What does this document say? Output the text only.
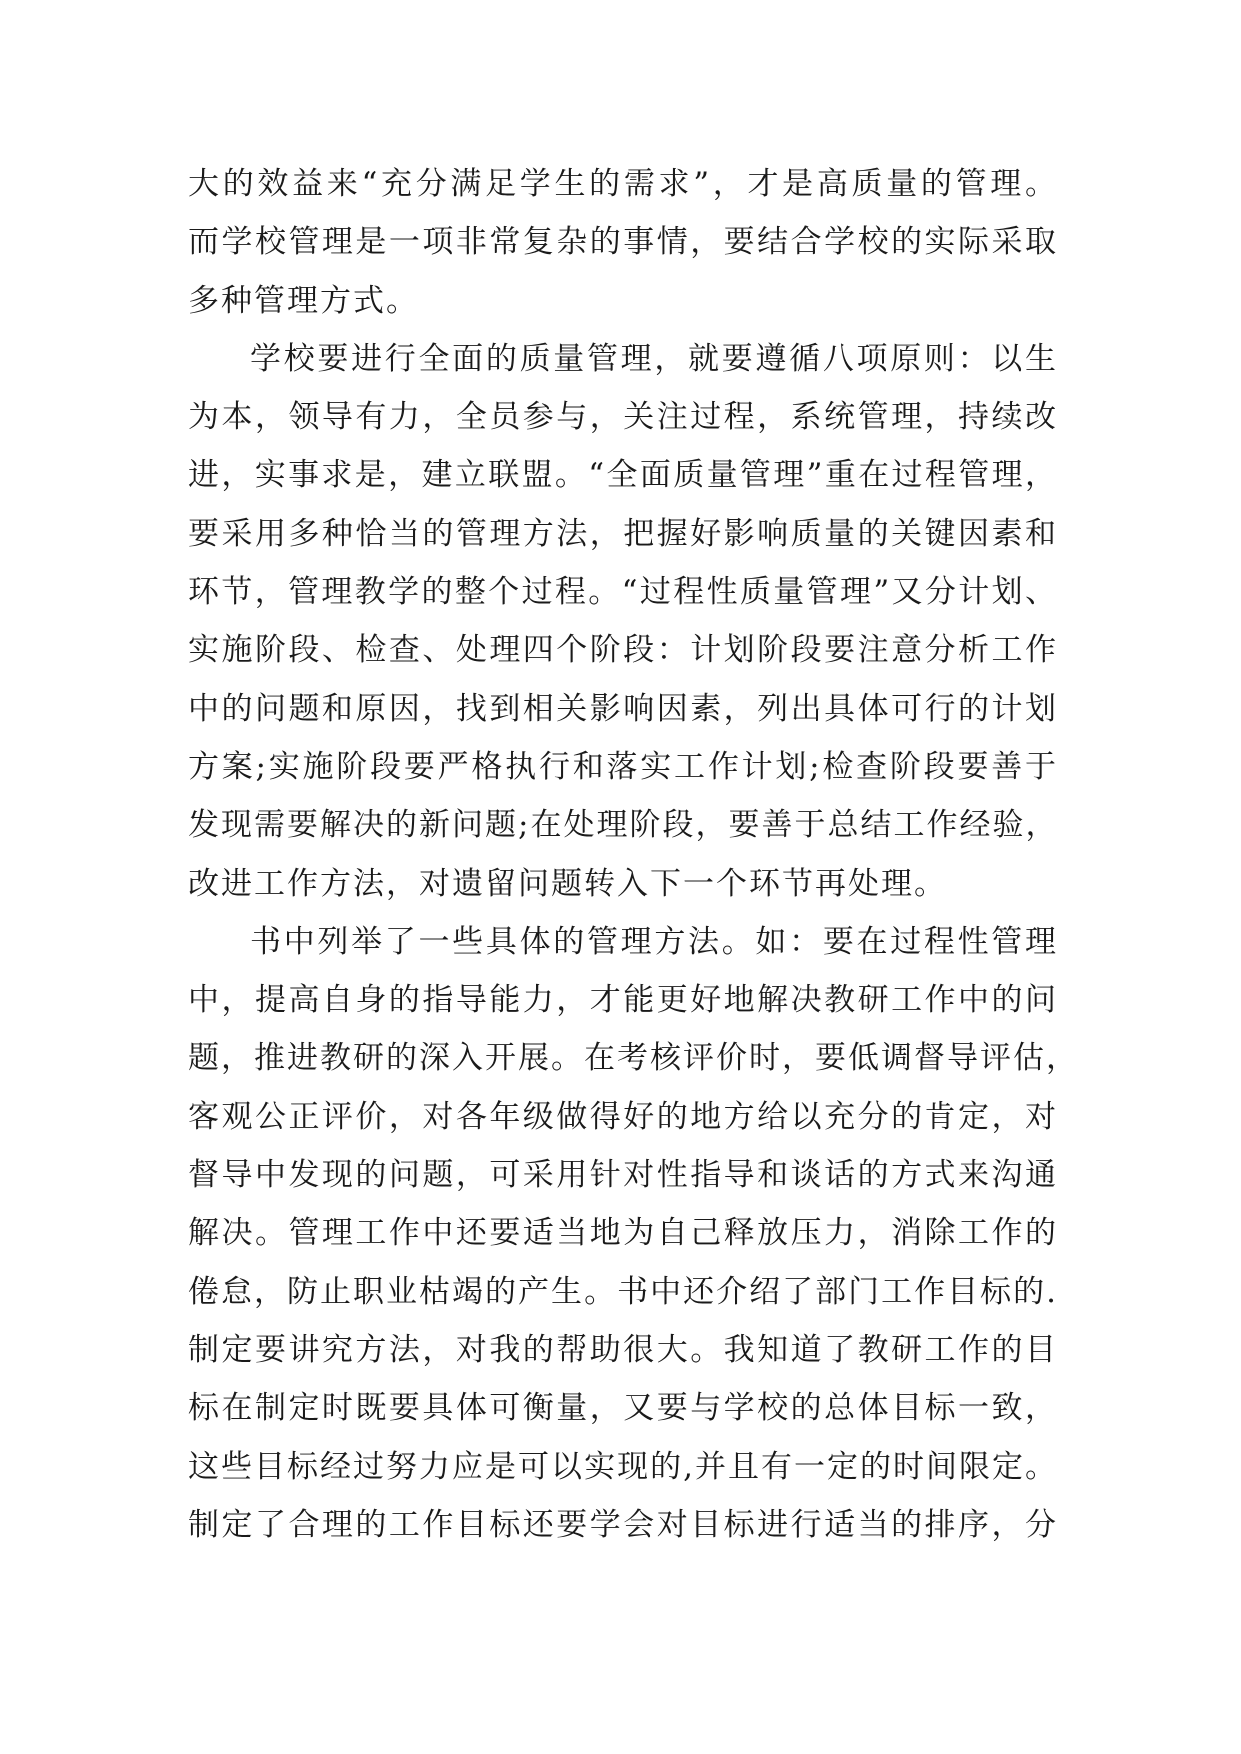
大的效益来“充分满足学生的需求”，才是高质量的管理。
而学校管理是一项非常复杂的事情，要结合学校的实际采取
多种管理方式。
学校要进行全面的质量管理，就要遵循八项原则：以生
为本，领导有力，全员参与，关注过程，系统管理，持续改
进，实事求是，建立联盟。“全面质量管理”重在过程管理，
要采用多种恰当的管理方法，把握好影响质量的关键因素和
环节，管理教学的整个过程。“过程性质量管理”又分计划、
实施阶段、检查、处理四个阶段：计划阶段要注意分析工作
中的问题和原因，找到相关影响因素，列出具体可行的计划
方案;实施阶段要严格执行和落实工作计划;检查阶段要善于
发现需要解决的新问题;在处理阶段，要善于总结工作经验，
改进工作方法，对遗留问题转入下一个环节再处理。
书中列举了一些具体的管理方法。如：要在过程性管理
中，提高自身的指导能力，才能更好地解决教研工作中的问
题，推进教研的深入开展。在考核评价时，要低调督导评估，
客观公正评价，对各年级做得好的地方给以充分的肯定，对
督导中发现的问题，可采用针对性指导和谈话的方式来沟通
解决。管理工作中还要适当地为自己释放压力，消除工作的
倦怠，防止职业枯竭的产生。书中还介绍了部门工作目标的.
制定要讲究方法，对我的帮助很大。我知道了教研工作的目
标在制定时既要具体可衡量，又要与学校的总体目标一致，
这些目标经过努力应是可以实现的,并且有一定的时间限定。
制定了合理的工作目标还要学会对目标进行适当的排序，分
